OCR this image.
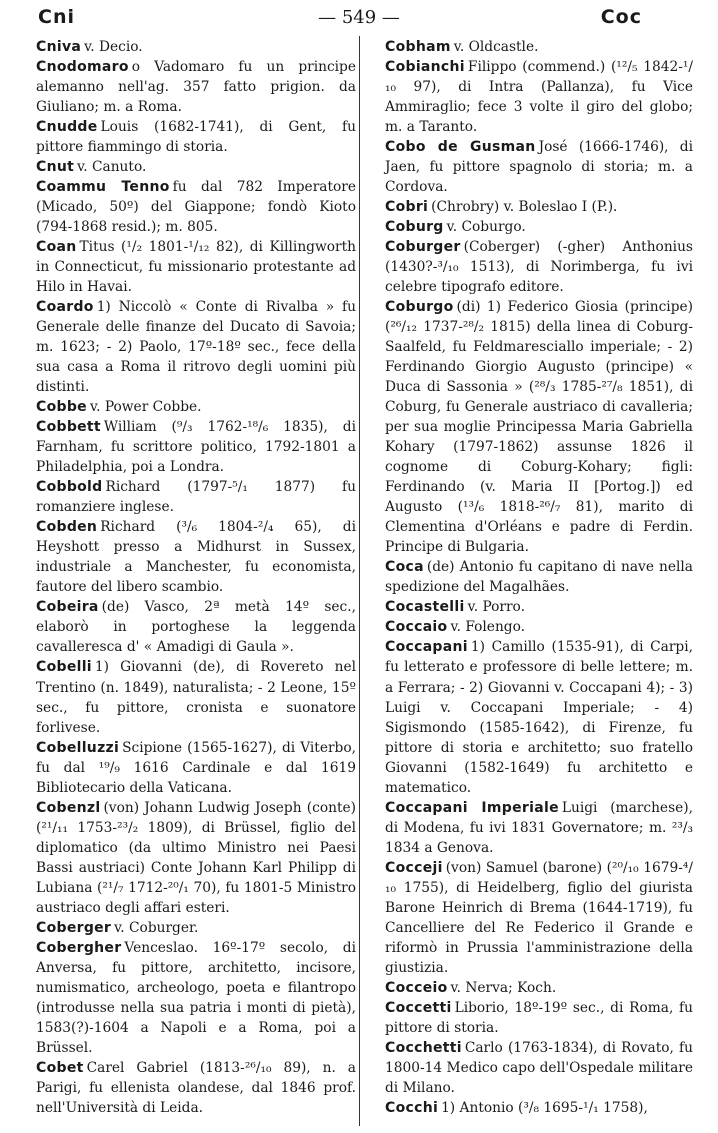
Cni	— 549 —	Coc

Cniva v. Decio.

Cnodomaro o Vadomaro fu un principe alemanno nell'ag. 357 fatto prigion. da Giuliano; m. a Roma.

Cnudde Louis (1682-1741), di Gent, fu pittore fiammingo di storia.

Cnut v. Canuto.

Coammu Tenno fu dal 782 Imperatore (Micado, 50º) del Giappone; fondò Kioto (794-1868 resid.); m. 805.

Coan Titus (¹/₂ 1801-¹/₁₂ 82), di Killingworth in Connecticut, fu missionario protestante ad Hilo in Havai.

Coardo 1) Niccolò « Conte di Rivalba » fu Generale delle finanze del Ducato di Savoia; m. 1623; - 2) Paolo, 17º-18º sec., fece della sua casa a Roma il ritrovo degli uomini più distinti.

Cobbe v. Power Cobbe.

Cobbett William (⁹/₃ 1762-¹⁸/₆ 1835), di Farnham, fu scrittore politico, 1792-1801 a Philadelphia, poi a Londra.

Cobbold Richard (1797-⁵/₁ 1877) fu romanziere inglese.

Cobden Richard (³/₆ 1804-²/₄ 65), di Heyshott presso a Midhurst in Sussex, industriale a Manchester, fu economista, fautore del libero scambio.

Cobeira (de) Vasco, 2ª metà 14º sec., elaborò in portoghese la leggenda cavalleresca d' « Amadigi di Gaula ».

Cobelli 1) Giovanni (de), di Rovereto nel Trentino (n. 1849), naturalista; - 2 Leone, 15º sec., fu pittore, cronista e suonatore forlivese.

Cobelluzzi Scipione (1565-1627), di Viterbo, fu dal ¹⁹/₉ 1616 Cardinale e dal 1619 Bibliotecario della Vaticana.

Cobenzl (von) Johann Ludwig Joseph (conte) (²¹/₁₁ 1753-²³/₂ 1809), di Brüssel, figlio del diplomatico (da ultimo Ministro nei Paesi Bassi austriaci) Conte Johann Karl Philipp di Lubiana (²¹/₇ 1712-²⁰/₁ 70), fu 1801-5 Ministro austriaco degli affari esteri.

Coberger v. Coburger.

Cobergher Venceslao. 16º-17º secolo, di Anversa, fu pittore, architetto, incisore, numismatico, archeologo, poeta e filantropo (introdusse nella sua patria i monti di pietà), 1583(?)-1604 a Napoli e a Roma, poi a Brüssel.

Cobet Carel Gabriel (1813-²⁶/₁₀ 89), n. a Parigi, fu ellenista olandese, dal 1846 prof. nell'Università di Leida.

Cobham v. Oldcastle.

Cobianchi Filippo (commend.) (¹²/₅ 1842-¹/₁₀ 97), di Intra (Pallanza), fu Vice Ammiraglio; fece 3 volte il giro del globo; m. a Taranto.

Cobo de Gusman José (1666-1746), di Jaen, fu pittore spagnolo di storia; m. a Cordova.

Cobri (Chrobry) v. Boleslao I (P.).

Coburg v. Coburgo.

Coburger (Coberger) (-gher) Anthonius (1430?-³/₁₀ 1513), di Norimberga, fu ivi celebre tipografo editore.

Coburgo (di) 1) Federico Giosia (principe) (²⁶/₁₂ 1737-²⁸/₂ 1815) della linea di Coburg-Saalfeld, fu Feldmaresciallo imperiale; - 2) Ferdinando Giorgio Augusto (principe) « Duca di Sassonia » (²⁸/₃ 1785-²⁷/₈ 1851), di Coburg, fu Generale austriaco di cavalleria; per sua moglie Principessa Maria Gabriella Kohary (1797-1862) assunse 1826 il cognome di Coburg-Kohary; figli: Ferdinando (v. Maria II [Portog.]) ed Augusto (¹³/₆ 1818-²⁶/₇ 81), marito di Clementina d'Orléans e padre di Ferdin. Principe di Bulgaria.

Coca (de) Antonio fu capitano di nave nella spedizione del Magalhães.

Cocastelli v. Porro.

Coccaio v. Folengo.

Coccapani 1) Camillo (1535-91), di Carpi, fu letterato e professore di belle lettere; m. a Ferrara; - 2) Giovanni v. Coccapani 4); - 3) Luigi v. Coccapani Imperiale; - 4) Sigismondo (1585-1642), di Firenze, fu pittore di storia e architetto; suo fratello Giovanni (1582-1649) fu architetto e matematico.

Coccapani Imperiale Luigi (marchese), di Modena, fu ivi 1831 Governatore; m. ²³/₃ 1834 a Genova.

Cocceji (von) Samuel (barone) (²⁰/₁₀ 1679-⁴/₁₀ 1755), di Heidelberg, figlio del giurista Barone Heinrich di Brema (1644-1719), fu Cancelliere del Re Federico il Grande e riformò in Prussia l'amministrazione della giustizia.

Cocceio v. Nerva; Koch.

Coccetti Liborio, 18º-19º sec., di Roma, fu pittore di storia.

Cocchetti Carlo (1763-1834), di Rovato, fu 1800-14 Medico capo dell'Ospedale militare di Milano.

Cocchi 1) Antonio (³/₈ 1695-¹/₁ 1758),
